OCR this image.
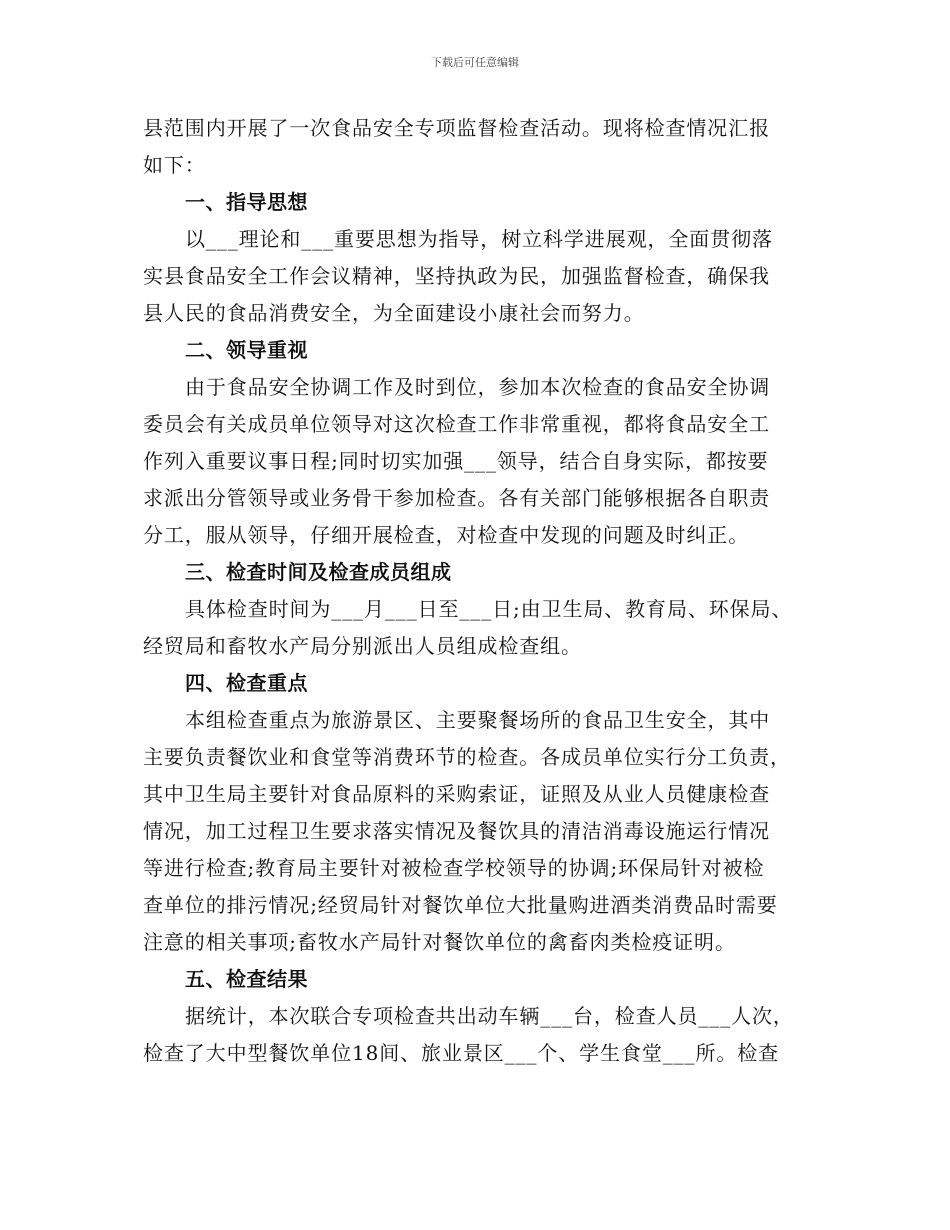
下载后可任意编辑
县范围内开展了一次食品安全专项监督检查活动。现将检查情况汇报
如下：
一、指导思想
以___理论和___重要思想为指导，树立科学进展观，全面贯彻落
实县食品安全工作会议精神，坚持执政为民，加强监督检查，确保我
县人民的食品消费安全，为全面建设小康社会而努力。
二、领导重视
由于食品安全协调工作及时到位，参加本次检查的食品安全协调
委员会有关成员单位领导对这次检查工作非常重视，都将食品安全工
作列入重要议事日程;同时切实加强___领导，结合自身实际，都按要
求派出分管领导或业务骨干参加检查。各有关部门能够根据各自职责
分工，服从领导，仔细开展检查，对检查中发现的问题及时纠正。
三、检查时间及检查成员组成
具体检查时间为___月___日至___日;由卫生局、教育局、环保局、
经贸局和畜牧水产局分别派出人员组成检查组。
四、检查重点
本组检查重点为旅游景区、主要聚餐场所的食品卫生安全，其中
主要负责餐饮业和食堂等消费环节的检查。各成员单位实行分工负责，
其中卫生局主要针对食品原料的采购索证，证照及从业人员健康检查
情况，加工过程卫生要求落实情况及餐饮具的清洁消毒设施运行情况
等进行检查;教育局主要针对被检查学校领导的协调;环保局针对被检
查单位的排污情况;经贸局针对餐饮单位大批量购进酒类消费品时需要
注意的相关事项;畜牧水产局针对餐饮单位的禽畜肉类检疫证明。
五、检查结果
据统计，本次联合专项检查共出动车辆___台，检查人员___人次，
检查了大中型餐饮单位18间、旅业景区___个、学生食堂___所。检查
